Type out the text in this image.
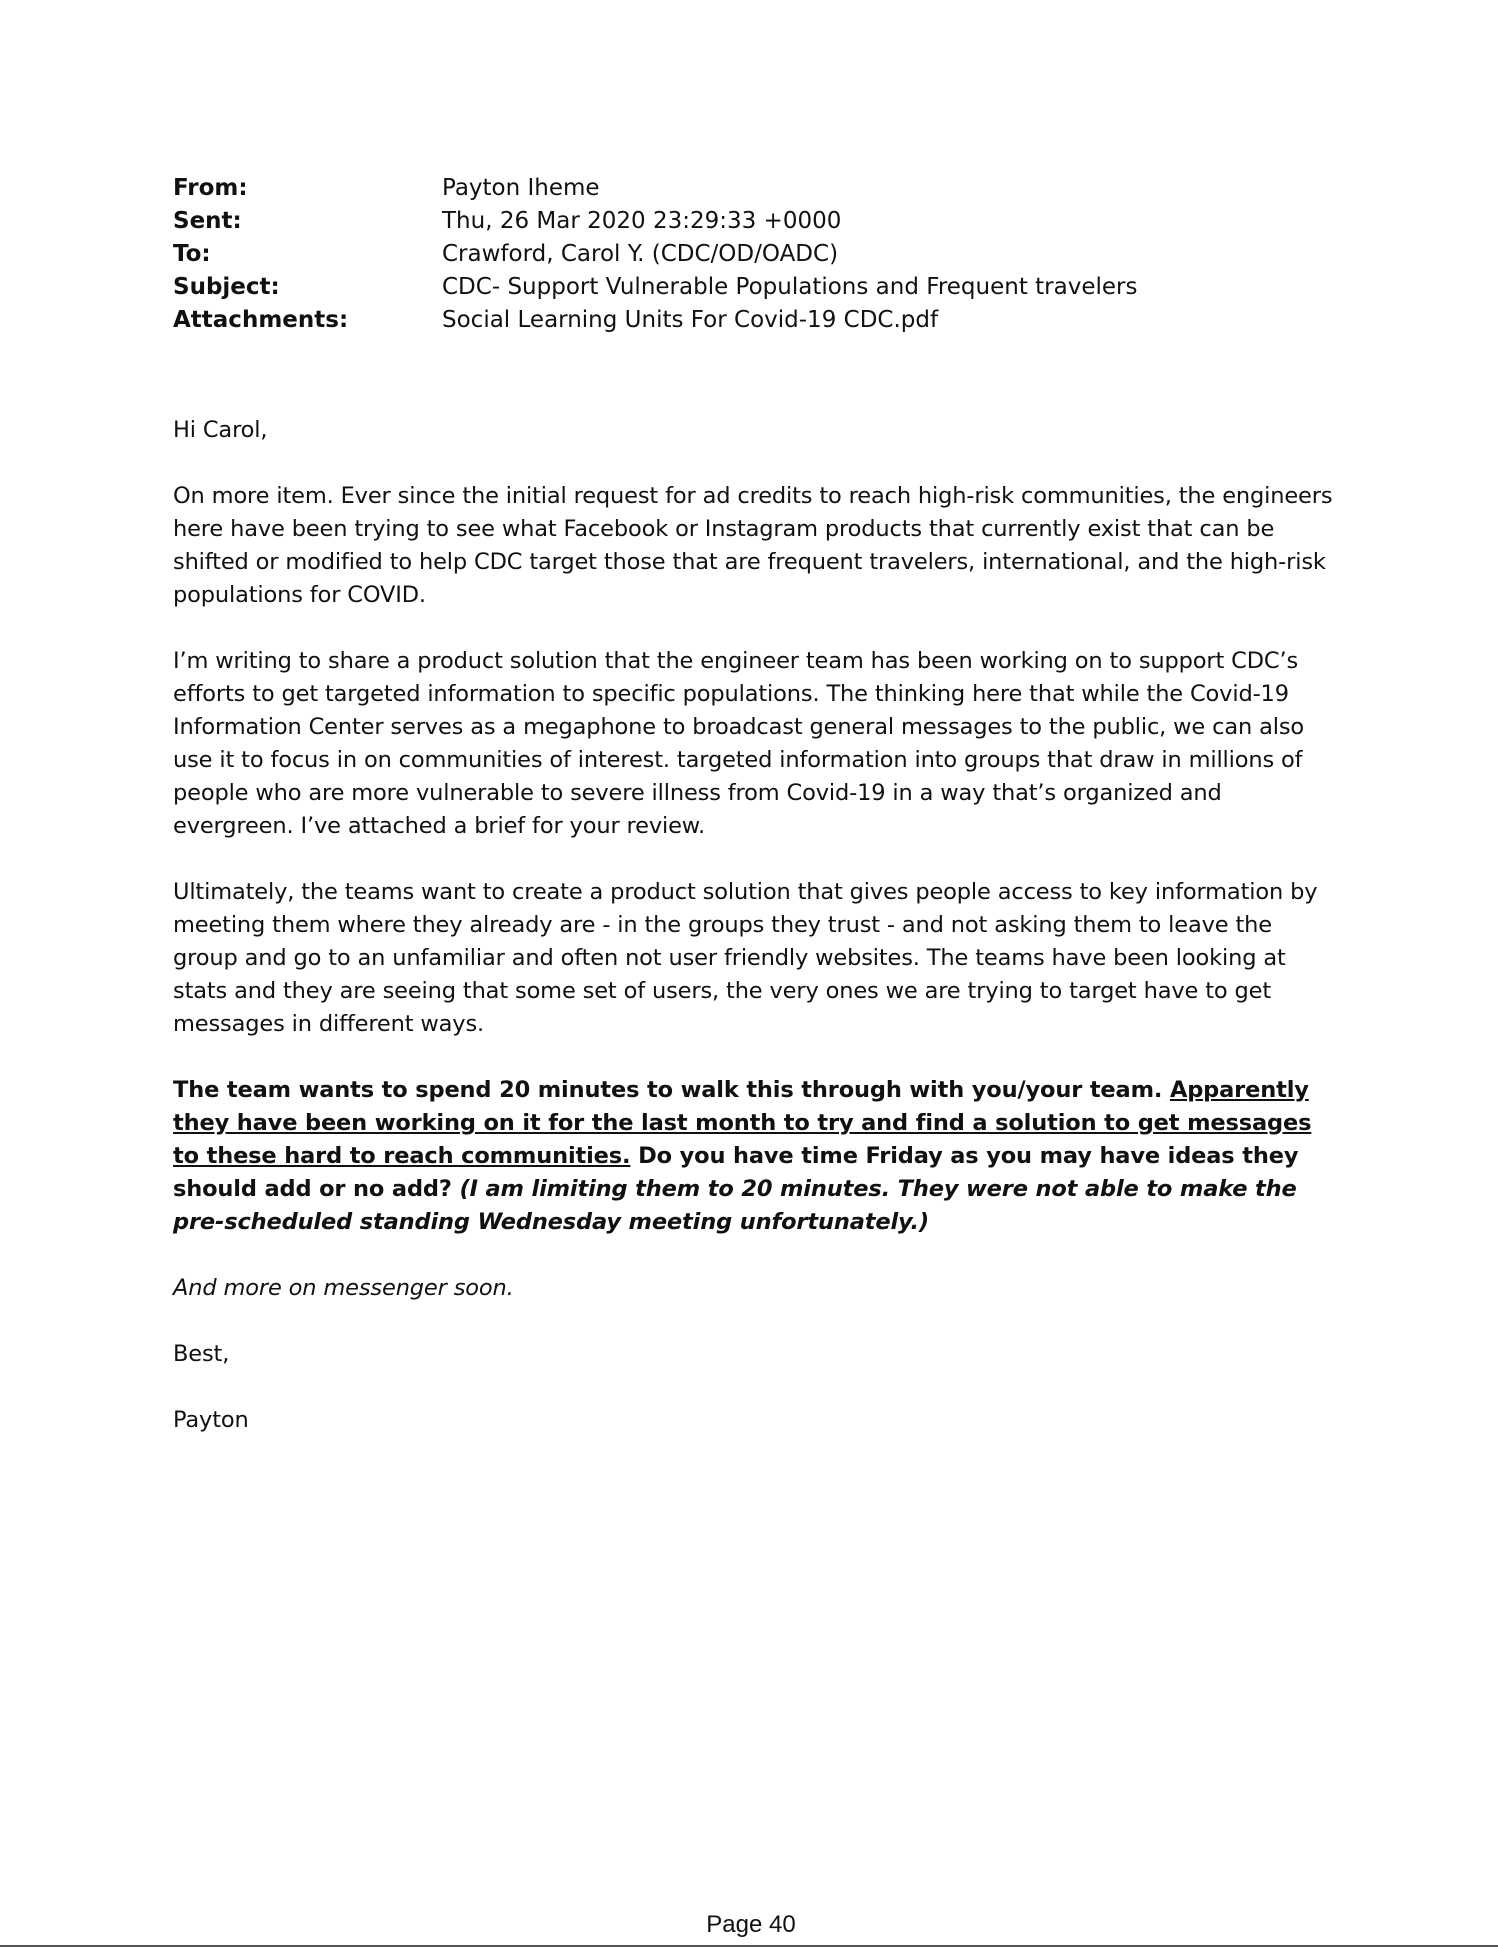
From:	Payton Iheme
Sent:	Thu, 26 Mar 2020 23:29:33 +0000
To:	Crawford, Carol Y. (CDC/OD/OADC)
Subject:	CDC- Support Vulnerable Populations and Frequent travelers
Attachments:	Social Learning Units For Covid-19 CDC.pdf

Hi Carol,

On more item. Ever since the initial request for ad credits to reach high-risk communities, the engineers here have been trying to see what Facebook or Instagram products that currently exist that can be shifted or modified to help CDC target those that are frequent travelers, international, and the high-risk populations for COVID.

I’m writing to share a product solution that the engineer team has been working on to support CDC’s efforts to get targeted information to specific populations. The thinking here that while the Covid-19 Information Center serves as a megaphone to broadcast general messages to the public, we can also use it to focus in on communities of interest. targeted information into groups that draw in millions of people who are more vulnerable to severe illness from Covid-19 in a way that’s organized and evergreen. I’ve attached a brief for your review.

Ultimately, the teams want to create a product solution that gives people access to key information by meeting them where they already are - in the groups they trust - and not asking them to leave the group and go to an unfamiliar and often not user friendly websites. The teams have been looking at stats and they are seeing that some set of users, the very ones we are trying to target have to get messages in different ways.

The team wants to spend 20 minutes to walk this through with you/your team. Apparently they have been working on it for the last month to try and find a solution to get messages to these hard to reach communities. Do you have time Friday as you may have ideas they should add or no add? (I am limiting them to 20 minutes. They were not able to make the pre-scheduled standing Wednesday meeting unfortunately.)

And more on messenger soon.

Best,

Payton

Page 40
